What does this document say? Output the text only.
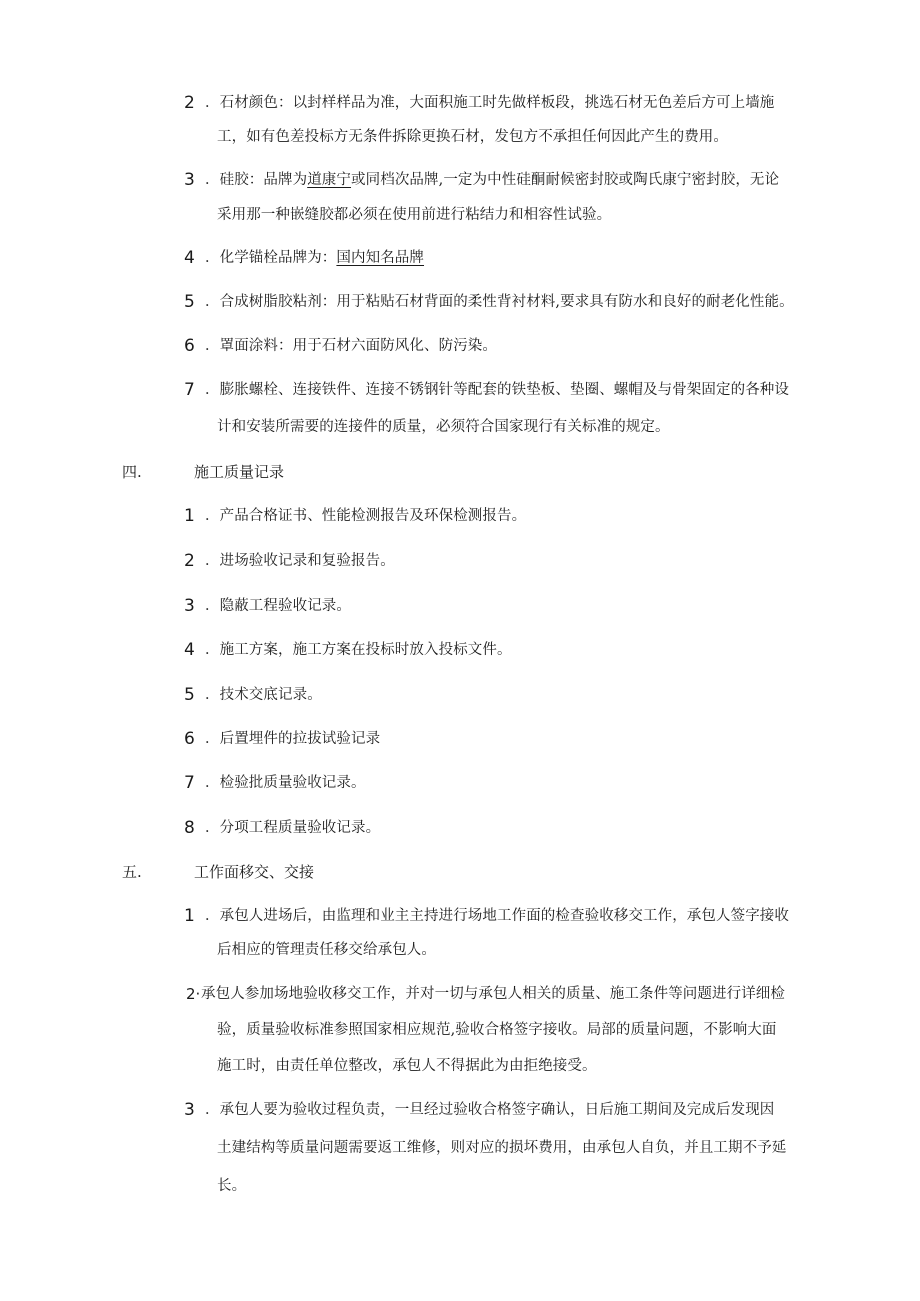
2 ．石材颜色：以封样样品为准，大面积施工时先做样板段，挑选石材无色差后方可上墙施
工，如有色差投标方无条件拆除更换石材，发包方不承担任何因此产生的费用。
3 ．硅胶：品牌为道康宁或同档次品牌,一定为中性硅酮耐候密封胶或陶氏康宁密封胶，无论
采用那一种嵌缝胶都必须在使用前进行粘结力和相容性试验。
4 ．化学锚栓品牌为：国内知名品牌
5 ．合成树脂胶粘剂：用于粘贴石材背面的柔性背衬材料,要求具有防水和良好的耐老化性能。
6 ．罩面涂料：用于石材六面防风化、防污染。
7 ．膨胀螺栓、连接铁件、连接不锈钢针等配套的铁垫板、垫圈、螺帽及与骨架固定的各种设
计和安装所需要的连接件的质量，必须符合国家现行有关标准的规定。
四.	施工质量记录
1 ．产品合格证书、性能检测报告及环保检测报告。
2 ．进场验收记录和复验报告。
3 ．隐蔽工程验收记录。
4 ．施工方案，施工方案在投标时放入投标文件。
5 ．技术交底记录。
6 ．后置埋件的拉拔试验记录
7 ．检验批质量验收记录。
8 ．分项工程质量验收记录。
五.	工作面移交、交接
1 ．承包人进场后，由监理和业主主持进行场地工作面的检查验收移交工作，承包人签字接收
后相应的管理责任移交给承包人。
2· 承包人参加场地验收移交工作，并对一切与承包人相关的质量、施工条件等问题进行详细检
验，质量验收标准参照国家相应规范,验收合格签字接收。局部的质量问题，不影响大面
施工时，由责任单位整改，承包人不得据此为由拒绝接受。
3 ．承包人要为验收过程负责，一旦经过验收合格签字确认，日后施工期间及完成后发现因
土建结构等质量问题需要返工维修，则对应的损坏费用，由承包人自负，并且工期不予延
长。
